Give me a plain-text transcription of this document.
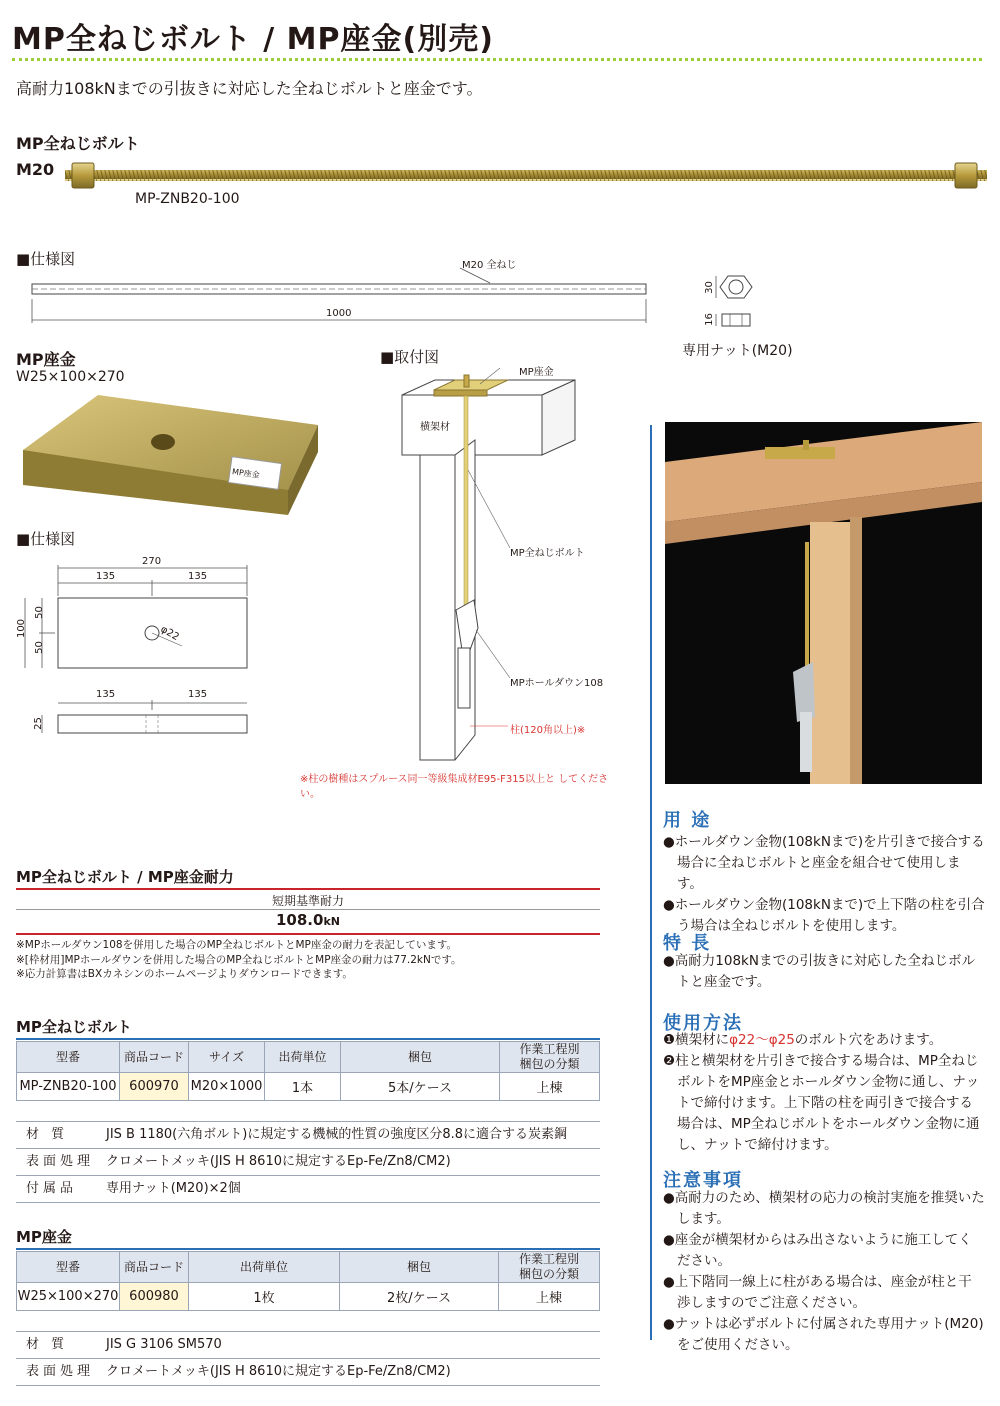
MP全ねじボルト / MP座金(別売)
高耐力108kNまでの引抜きに対応した全ねじボルトと座金です。
MP全ねじボルト
M20
MP-ZNB20-100
■仕様図	M20 全ねじ
1000
30
16
専用ナット(M20)
MP座金
W25×100×270
MP座金
■仕様図
270
135	135
100
50
50
φ22
135	135
25
■取付図
MP座金
横架材
MP全ねじボルト
MPホールダウン108
柱(120角以上)※
※柱の樹種はスプルース同一等級集成材E95-F315以上と してください。
MP全ねじボルト / MP座金耐力
短期基準耐力
108.0kN
※MPホールダウン108を併用した場合のMP全ねじボルトとMP座金の耐力を表記しています。
※[枠材用]MPホールダウンを併用した場合のMP全ねじボルトとMP座金の耐力は77.2kNです。
※応力計算書はBXカネシンのホームページよりダウンロードできます。
MP全ねじボルト
型番	商品コード	サイズ	出荷単位	梱包	作業工程別
梱包の分類
MP-ZNB20-100	600970	M20×1000	1本	5本/ケース	上棟
材 質	JIS B 1180(六角ボルト)に規定する機械的性質の強度区分8.8に適合する炭素鋼
表面処理 クロメートメッキ(JIS H 8610に規定するEp-Fe/Zn8/CM2)
付属品	専用ナット(M20)×2個
MP座金
型番	商品コード	出荷単位	梱包	作業工程別
梱包の分類
W25×100×270	600980	1枚	2枚/ケース	上棟
材 質	JIS G 3106 SM570
表面処理 クロメートメッキ(JIS H 8610に規定するEp-Fe/Zn8/CM2)
用 途

●ホールダウン金物(108kNまで)を片引きで接合する場合に全ねじボルトと座金を組合せて使用します。

●ホールダウン金物(108kNまで)で上下階の柱を引合う場合は全ねじボルトを使用します。

特 長

●高耐力108kNまでの引抜きに対応した全ねじボルトと座金です。

使用方法

❶横架材にφ22〜φ25のボルト穴をあけます。

❷柱と横架材を片引きで接合する場合は、MP全ねじボルトをMP座金とホールダウン金物に通し、ナットで締付けます。上下階の柱を両引きで接合する場合は、MP全ねじボルトをホールダウン金物に通し、ナットで締付けます。

注意事項

●高耐力のため、横架材の応力の検討実施を推奨いたします。

●座金が横架材からはみ出さないように施工してください。

●上下階同一線上に柱がある場合は、座金が柱と干渉しますのでご注意ください。

●ナットは必ずボルトに付属された専用ナット(M20)をご使用ください。
